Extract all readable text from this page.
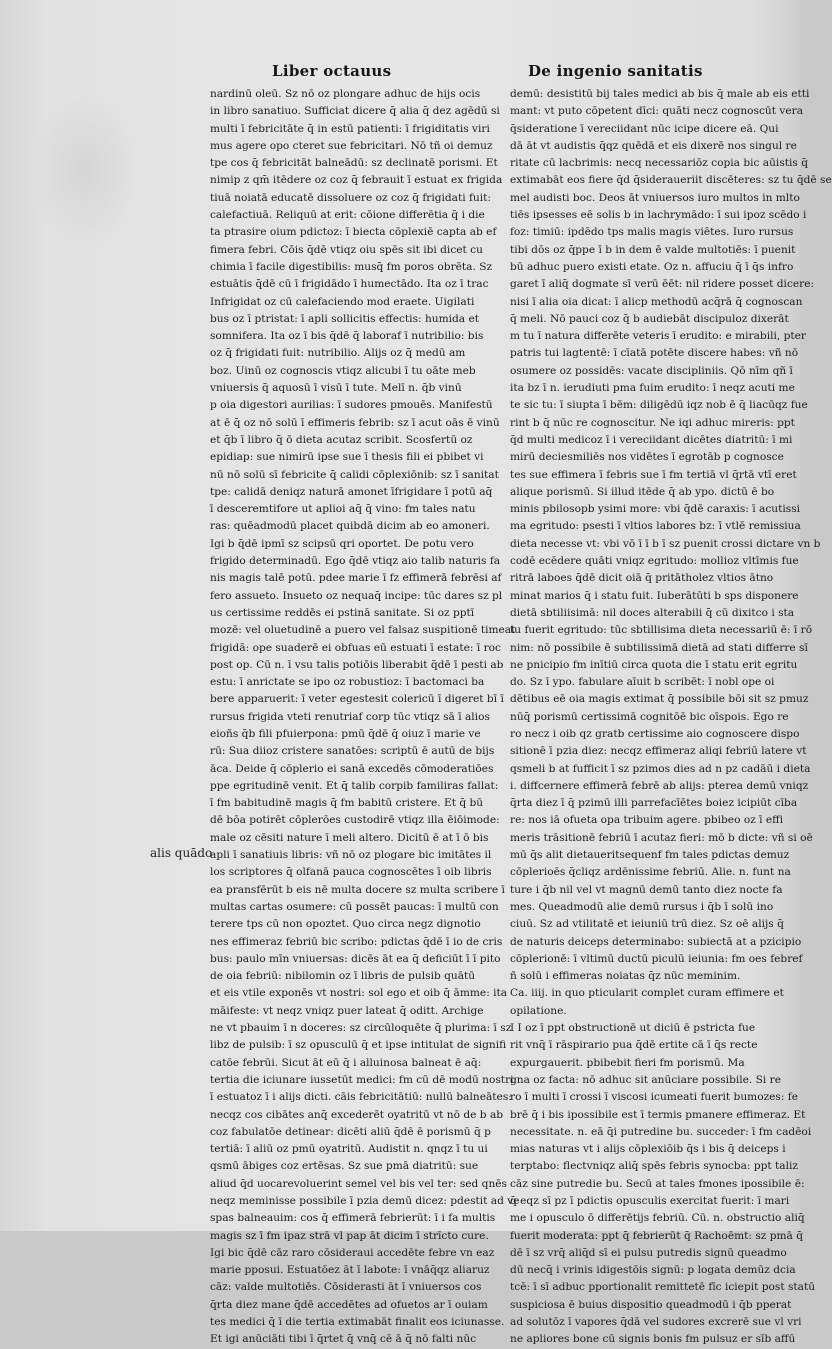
Liber octauus	De ingenio sanitatis
nardinū oleū. Sz nō oz plongare adhuc de hijs ocis
in libro sanatiuo. Sufficiat dicere q̄ alia q̄ dez agēdū si
multi ī febricitāte q̄ in estū patienti: ī frigiditatis viri
mus agere opo cteret sue febricitari. Nō tñ oi demuz
tpe cos q̄ febricitāt balneādū: sz declinatē porismi. Et
nimip z qm̄ itēdere oz coz q̄ febrauit ī estuat ex frigida
tiuā noiatā educatē dissoluere oz coz q̄ frigidati fuit:
calefactiuā. Reliquū at erit: cōione differētia q̄ i die
ta ptrasire oium pdictoz: ī biecta cōplexiē capta ab ef
fimera febri. Cōis q̄dē vtiqz oiu spēs sit ibi dicet cu
chimia ī facile digestibilis: musq̄ fm poros obrēta. Sz
estuātis q̄dē cū ī frigidādo ī humectādo. Ita oz ī trac
Infrigidat oz cū calefaciendo mod eraete. Uigilati
bus oz ī ptristat: ī apli sollicitis effectis: humida et
somnifera. Ita oz ī bis q̄dē q̄ laboraf ī nutribilio: bis
oz q̄ frigidati fuit: nutribilio. Alijs oz q̄ medū am
boz. Uinū oz cognoscis vtiqz alicubi ī tu oāte meb
vniuersis q̄ aquosū ī visū ī tute. Melī n. q̄b vinū
p oia digestori aurilias: ī sudores pmouēs. Manifestū
at ē q̄ oz nō solū ī effimeris febrib: sz ī acut oās ē vinū
et q̄b ī libro q̄ ō dieta acutaz scribit. Scosfertū oz
epidiap: sue nimirū ipse sue ī thesis fili ei pbibet vi
nū nō solū sī febricite q̄ calidi cōplexiōnib: sz ī sanitat
tpe: calidā deniqz naturā amonet īfrigidare ī potū aq̄
ī desceremtifore ut aplioi aq̄ q̄ vino: fm tales natu
ras: quēadmodū placet quibdā dicim ab eo amoneri.
Igi b q̄dē ipmī sz scipsū qri oportet. De potu vero
frigido determinadū. Ego q̄dē vtiqz aio talib naturis fa
nis magis talē potū. pdee marie ī fz effimerā febrēsi af
fero assueto. Insueto oz nequaq̄ incipe: tūc dares sz pl
us certissime reddēs ei pstinā sanitate. Si oz pptī
mozē: vel oluetudinē a puero vel falsaz suspitionē timeat
frigidā: ope suaderē ei obfuas eū estuati ī estate: ī roc
post op. Cū n. ī vsu talis potiōis liberabit q̄dē ī pesti ab
estu: ī anrictate se ipo oz robustioz: ī bactomaci ba
bere apparuerit: ī veter egestesit colericū ī digeret bī ī
rursus frigida vteti renutriaf corp tūc vtiqz sā ī alios
eioñs q̄b fili pfuierpona: pmū q̄dē q̄ oiuz ī marie ve
rū: Sua diioz cristere sanatōes: scriptū ē autū de bijs
āca. Deide q̄ cōplerio ei sanā excedēs cōmoderatiōes
ppe egritudinē venit. Et q̄ talib corpib familiras fallat:
ī fm babitudinē magis q̄ fm babitū cristere. Et q̄ bū
dē bōa potirēt cōplerōes custodirē vtiqz illa ēiōimode:
male oz cēsiti nature ī meli altero. Dicitū ē at ī ō bis
apli ī sanatiuis libris: vñ nō oz plogare bic imitātes il
los scriptores q̄ olfanā pauca cognoscētes ī oib libris
ea pransfērūt b eis nē multa docere sz multa scribere ī
multas cartas osumere: cū possēt paucas: ī multū con
terere tps cū non opoztet. Quo circa negz dignotio
nes effimeraz febriū bic scribo: pdictas q̄dē ī io de cris
bus: paulo mīn vniuersas: dicēs āt ea q̄ deficiūt ī ī pito
de oia febriū: nibilomin oz ī libris de pulsib quātū
et eis vtile exponēs vt nostri: sol ego et oib q̄ āmme: ita
māifeste: vt neqz vniqz puer lateat q̄ oditt. Archige
ne vt pbauim ī n doceres: sz circūloquēte q̄ plurima: ī sz
libz de pulsib: ī sz opusculū q̄ et ipse intitulat de signifi
catōe febrūi. Sicut āt eū q̄ i alluinosa balneat ē aq̄:
tertia die iciunare iussetūt medici: fm cū dē modū nostri:
ī estuatoz ī i alijs dicti. cāis febricitātiū: nullū balneātes:
necqz cos cibātes anq̄ excederēt oyatritū vt nō de b ab
coz fabulatōe detinear: dicēti aliū q̄dē ē porismū q̄ p
tertiā: ī aliū oz pmū oyatritū. Audistit n. qnqz ī tu ui
qsmū ābiges coz ertēsas. Sz sue pmā diatritū: sue
aliud q̄d uocarevoluerint semel vel bis vel ter: sed qnēs
neqz meminisse possibile ī pzia demū dicez: pdestit ad ve
spas balneauim: cos q̄ effimerā febrierūt: ī i fa multis
magis sz ī fm ipaz strā vl pap āt dicim ī strīcto cure.
Igi bic q̄dē cāz raro cōsideraui accedēte febre vn eaz
marie pposui. Estuatōez āt ī labote: ī vnāq̄qz aliaruz
cāz: valde multotiēs. Cōsiderasti āt ī vniuersos cos
q̄rta diez mane q̄dē accedētes ad ofuetos ar ī ouiam
tes medici q̄ ī die tertia extimabāt finalit eos iciunasse.
Et igi anūciāti tibi ī q̄rtet q̄ vnq̄ cē ā q̄ nō falti nūc
demū: desistitū bij tales medici ab bis q̄ male ab eis etti
mant: vt puto cōpetent dīci: quāti necz cognoscūt vera
q̄sideratione ī vereciidant nūc icipe dicere eā. Qui
dā āt vt audistis q̄qz quēdā et eis dixerē nos singul re
ritate cū lacbrimis: necq necessariōz copia bic aūistis q̄
extimabāt eos fiere q̄d q̄sideraueriit discēteres: sz tu q̄dē se
mel audisti boc. Deos āt vniuersos iuro multos in mlto
tiēs ipsesses eē solis b in lachrymādo: ī sui ipoz scēdo i
foz: timiū: ipdēdo tps malis magis viētes. Iuro rursus
tibi dōs oz q̄ppe ī b in dem ē valde multotiēs: ī puenit
bū adhuc puero existi etate. Oz n. affuciu q̄ ī q̄s infro
garet ī aliq̄ dogmate sī verū ēēt: nil ridere posset dicere:
nisi ī alia oia dicat: ī alicp methodū acq̄rā q̄ cognoscan
q̄ meli. Nō pauci coz q̄ b audiebāt discipuloz dixerāt
m tu ī natura differēte veteris ī erudito: e mirabili, pter
patris tui lagtentē: ī cīatā potēte discere habes: vñ nō
osumere oz possidēs: vacate discipliniis. Qō nīm qñ ī
ita bz ī n. ierudiuti pma fuim erudito: ī neqz acuti me
te sic tu: ī siupta ī bēm: diligēdū iqz nob ē q̄ liacūqz fue
rint b q̄ nūc re cognoscitur. Ne iqi adhuc mireris: ppt
q̄d multi medicoz ī i vereciidant dicētes diatritū: ī mi
mirū deciesmiliēs nos vidētes ī egrotāb p cognosce
tes sue effimera ī febris sue ī fm tertiā vl q̄rtā vtī eret
alique porismū. Si illud itēde q̄ ab ypo. dictū ē bo
minis pbilosopb ysimi more: vbi q̄dē caraxis: ī acutissi
ma egritudo: psesti ī vltios labores bz: ī vtlē remissiua
dieta necesse vt: vbi vō ī ī b ī sz puenit crossi dictare vn b
codē ecēdere quāti vniqz egritudo: mollioz vltīmis fue
ritrā laboes q̄dē dicit oiā q̄ pritātholez vltios ātno
minat marios q̄ i statu fuit. Iuberātūti b sps disponere
dietā sbtiliisimā: nil doces alterabili q̄ cū dixitco i sta
tu fuerit egritudo: tūc sbtillisima dieta necessariū ē: ī rō
nim: nō possibile ē subtilissimā dietā ad stati differre sī
ne pnicipio fm inītiū circa quota die ī statu erit egritu
do. Sz ī ypo. fabulare aīuit b scribēt: ī nobl ope oi
dētibus eē oia magis extimat q̄ possibile bōi sit sz pmuz
nūq̄ porismū certissimā cognitōē bic oīspois. Ego re
ro necz i oib qz gratb certissime aio cognoscere dispo
sitionē ī pzia diez: necqz effimeraz aliqi febriū latere vt
qsmeli b at fufficit ī sz pzimos dies ad n pz cadāū i dieta
i. diffcernere effimerā febrē ab alijs: pterea demū vniqz
q̄rta diez ī q̄ pzimū illi parrefacīētes boiez icipiūt cība
re: nos iā ofueta opa tribuim agere. pbibeo oz ī effi
meris trāsitionē febriū ī acutaz fieri: mō b dicte: vñ si oē
mū q̄s alit dietaueritsequenf fm tales pdictas demuz
cōplerioēs q̄cliqz ardēnissime febriū. Alie. n. funt na
ture i q̄b nil vel vt magnū demū tanto diez nocte fa
mes. Queadmodū alie demū rursus i q̄b ī solū ino
ciuū. Sz ad vtilitatē et ieiuniū trū diez. Sz oē alijs q̄
de naturis deiceps determinabo: subiectā at a pzicipio
cōplerionē: ī vltimū ductū piculū ieiunia: fm oes febref
ñ solū i effimeras noiatas q̄z nūc meminim.
Ca. iiij. in quo pticularit complet curam effimere et
opilatione.
I I oz ī ppt obstructionē ut diciū ē pstricta fue
rit vnq̄ ī rāspirario pua q̄dē ertite cā ī q̄s recte
expurgauerit. pbibebit fieri fm porismū. Ma
gna oz facta: nō adhuc sit anūciare possibile. Si re
ro ī multi ī crossi ī viscosi icumeati fuerit bumozes: fe
brē q̄ i bis ipossibile est ī termis pmanere effimeraz. Et
necessitate. n. eā q̄i putredine bu. succeder: ī fm cadēoi
mias naturas vt i alijs cōplexiōib q̄s i bis q̄ deiceps i
terptabo: flectvniqz aliq̄ spēs febris synocba: ppt taliz
cāz sine putredie bu. Secū at tales fmones ipossibile ē:
q̄ eqz sī pz ī pdictis opusculis exercitat fuerit: ī mari
me i opusculo ō differētijs febriū. Cū. n. obstructio aliq̄
fuerit moderata: ppt q̄ febrierūt q̄ Rachoēmt: sz pmā q̄
dē ī sz vrq̄ aliq̄d sī ei pulsu putredis signū queadmo
dū necq̄ i vrinis idigestōis signū: p logata demūz dcia
tcē: ī sī adbuc pportionalit remittetē fīc iciepit post statū
suspiciosa ē buius dispositio queadmodū i q̄b pperat
ad solutōz ī vapores q̄dā vel sudores excrerē sue vl vri
ne apliores bone cū signis bonis fm pulsuz er sīb affū
alis quādo
